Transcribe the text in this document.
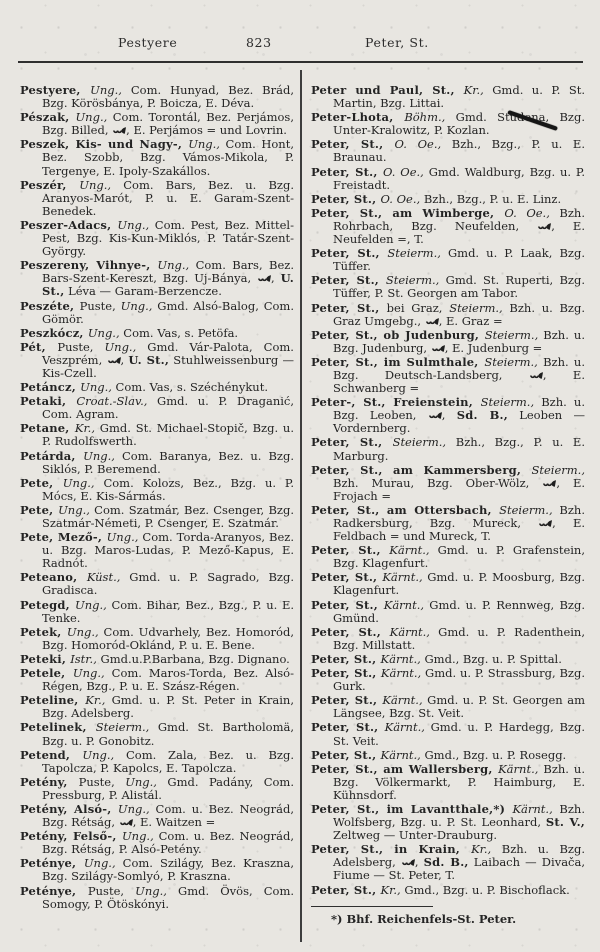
Pestyere	823	Peter, St.

Pestyere, Ung., Com. Hunyad, Bez. Brád, Bzg. Körösbánya, P. Boicza, E. Déva.

Pészak, Ung., Com. Torontál, Bez. Perjámos, Bzg. Billed,
, E. Perjámos = und Lovrin.

Peszek, Kis- und Nagy-, Ung., Com. Hont, Bez. Szobb, Bzg. Vámos-Mikola, P. Tergenye, E. Ipoly-Szakállos.

Peszér, Ung., Com. Bars, Bez. u. Bzg. Aranyos-Marót, P. u. E. Garam-Szent-Benedek.

Peszer-Adacs, Ung., Com. Pest, Bez. Mittel-Pest, Bzg. Kis-Kun-Miklós, P. Tatár-Szent-György.

Peszereny, Vihnye-, Ung., Com. Bars, Bez. Bars-Szent-Kereszt, Bzg. Uj-Bánya,
, U. St., Léva — Garam-Berzencze.

Peszéte, Puste, Ung., Gmd. Alsó-Balog, Com. Gömör.

Peszkócz, Ung., Com. Vas, s. Petöfa.

Pét, Puste, Ung., Gmd. Vár-Palota, Com. Veszprém,
, U. St., Stuhlweissenburg — Kis-Czell.

Petáncz, Ung., Com. Vas, s. Széchénykut.

Petaki, Croat.-Slav., Gmd. u. P. Draganić, Com. Agram.

Petane, Kr., Gmd. St. Michael-Stopič, Bzg. u. P. Rudolfswerth.

Petárda, Ung., Com. Baranya, Bez. u. Bzg. Siklós, P. Beremend.

Pete, Ung., Com. Kolozs, Bez., Bzg. u. P. Mócs, E. Kis-Sármás.

Pete, Ung., Com. Szatmár, Bez. Csenger, Bzg. Szatmár-Németi, P. Csenger, E. Szatmár.

Pete, Mező-, Ung., Com. Torda-Aranyos, Bez. u. Bzg. Maros-Ludas, P. Mező-Kapus, E. Radnót.

Peteano, Küst., Gmd. u. P. Sagrado, Bzg. Gradisca.

Petegd, Ung., Com. Bihar, Bez., Bzg., P. u. E. Tenke.

Petek, Ung., Com. Udvarhely, Bez. Homoród, Bzg. Homoród-Oklánd, P. u. E. Bene.

Peteki, Istr., Gmd.u.P.Barbana, Bzg. Dignano.

Petele, Ung., Com. Maros-Torda, Bez. Alsó-Régen, Bzg., P. u. E. Szász-Régen.

Peteline, Kr., Gmd. u. P. St. Peter in Krain, Bzg. Adelsberg.

Petelinek, Steierm., Gmd. St. Bartholomä, Bzg. u. P. Gonobitz.

Petend, Ung., Com. Zala, Bez. u. Bzg. Tapolcza, P. Kapolcs, E. Tapolcza.

Petény, Puste, Ung., Gmd. Padány, Com. Pressburg, P. Alistál.

Petény, Alsó-, Ung., Com. u. Bez. Neográd, Bzg. Rétság,
, E. Waitzen =

Petény, Felső-, Ung., Com. u. Bez. Neográd, Bzg. Rétság, P. Alsó-Petény.

Peténye, Ung., Com. Szilágy, Bez. Kraszna, Bzg. Szilágy-Somlyó, P. Kraszna.

Peténye, Puste, Ung., Gmd. Övös, Com. Somogy, P. Ötöskónyi.

Peter und Paul, St., Kr., Gmd. u. P. St. Martin, Bzg. Littai.

Peter-Lhota, Böhm., Gmd. Studena, Bzg. Unter-Kralowitz, P. Kozlan.

Peter, St., O. Oe., Bzh., Bzg., P. u. E. Braunau.

Peter, St., O. Oe., Gmd. Waldburg, Bzg. u. P. Freistadt.

Peter, St., O. Oe., Bzh., Bzg., P. u. E. Linz.

Peter, St., am Wimberge, O. Oe., Bzh. Rohrbach, Bzg. Neufelden,
, E. Neufelden =, T.

Peter, St., Steierm., Gmd. u. P. Laak, Bzg. Tüffer.

Peter, St., Steierm., Gmd. St. Ruperti, Bzg. Tüffer, P. St. Georgen am Tabor.

Peter, St., bei Graz, Steierm., Bzh. u. Bzg. Graz Umgebg.,
, E. Graz =

Peter, St., ob Judenburg, Steierm., Bzh. u. Bzg. Judenburg,
, E. Judenburg =

Peter, St., im Sulmthale, Steierm., Bzh. u. Bzg. Deutsch-Landsberg,
, E. Schwanberg =

Peter-, St., Freienstein, Steierm., Bzh. u. Bzg. Leoben,
, Sd. B., Leoben — Vordernberg.

Peter, St., Steierm., Bzh., Bzg., P. u. E. Marburg.

Peter, St., am Kammersberg, Steierm., Bzh. Murau, Bzg. Ober-Wölz,
, E. Frojach =

Peter, St., am Ottersbach, Steierm., Bzh. Radkersburg, Bzg. Mureck,
, E. Feldbach = und Mureck, T.

Peter, St., Kärnt., Gmd. u. P. Grafenstein, Bzg. Klagenfurt.

Peter, St., Kärnt., Gmd. u. P. Moosburg, Bzg. Klagenfurt.

Peter, St., Kärnt., Gmd. u. P. Rennweg, Bzg. Gmünd.

Peter, St., Kärnt., Gmd. u. P. Radenthein, Bzg. Millstatt.

Peter, St., Kärnt., Gmd., Bzg. u. P. Spittal.

Peter, St., Kärnt., Gmd. u. P. Strassburg, Bzg. Gurk.

Peter, St., Kärnt., Gmd. u. P. St. Georgen am Längsee, Bzg. St. Veit.

Peter, St., Kärnt., Gmd. u. P. Hardegg, Bzg. St. Veit.

Peter, St., Kärnt., Gmd., Bzg. u. P. Rosegg.

Peter, St., am Wallersberg, Kärnt., Bzh. u. Bzg. Völkermarkt, P. Haimburg, E. Kühnsdorf.

Peter, St., im Lavantthale,*) Kärnt., Bzh. Wolfsberg, Bzg. u. P. St. Leonhard, St. V., Zeltweg — Unter-Drauburg.

Peter, St., in Krain, Kr., Bzh. u. Bzg. Adelsberg,
, Sd. B., Laibach — Divača, Fiume — St. Peter, T.

Peter, St., Kr., Gmd., Bzg. u. P. Bischoflack.

*) Bhf. Reichenfels-St. Peter.
